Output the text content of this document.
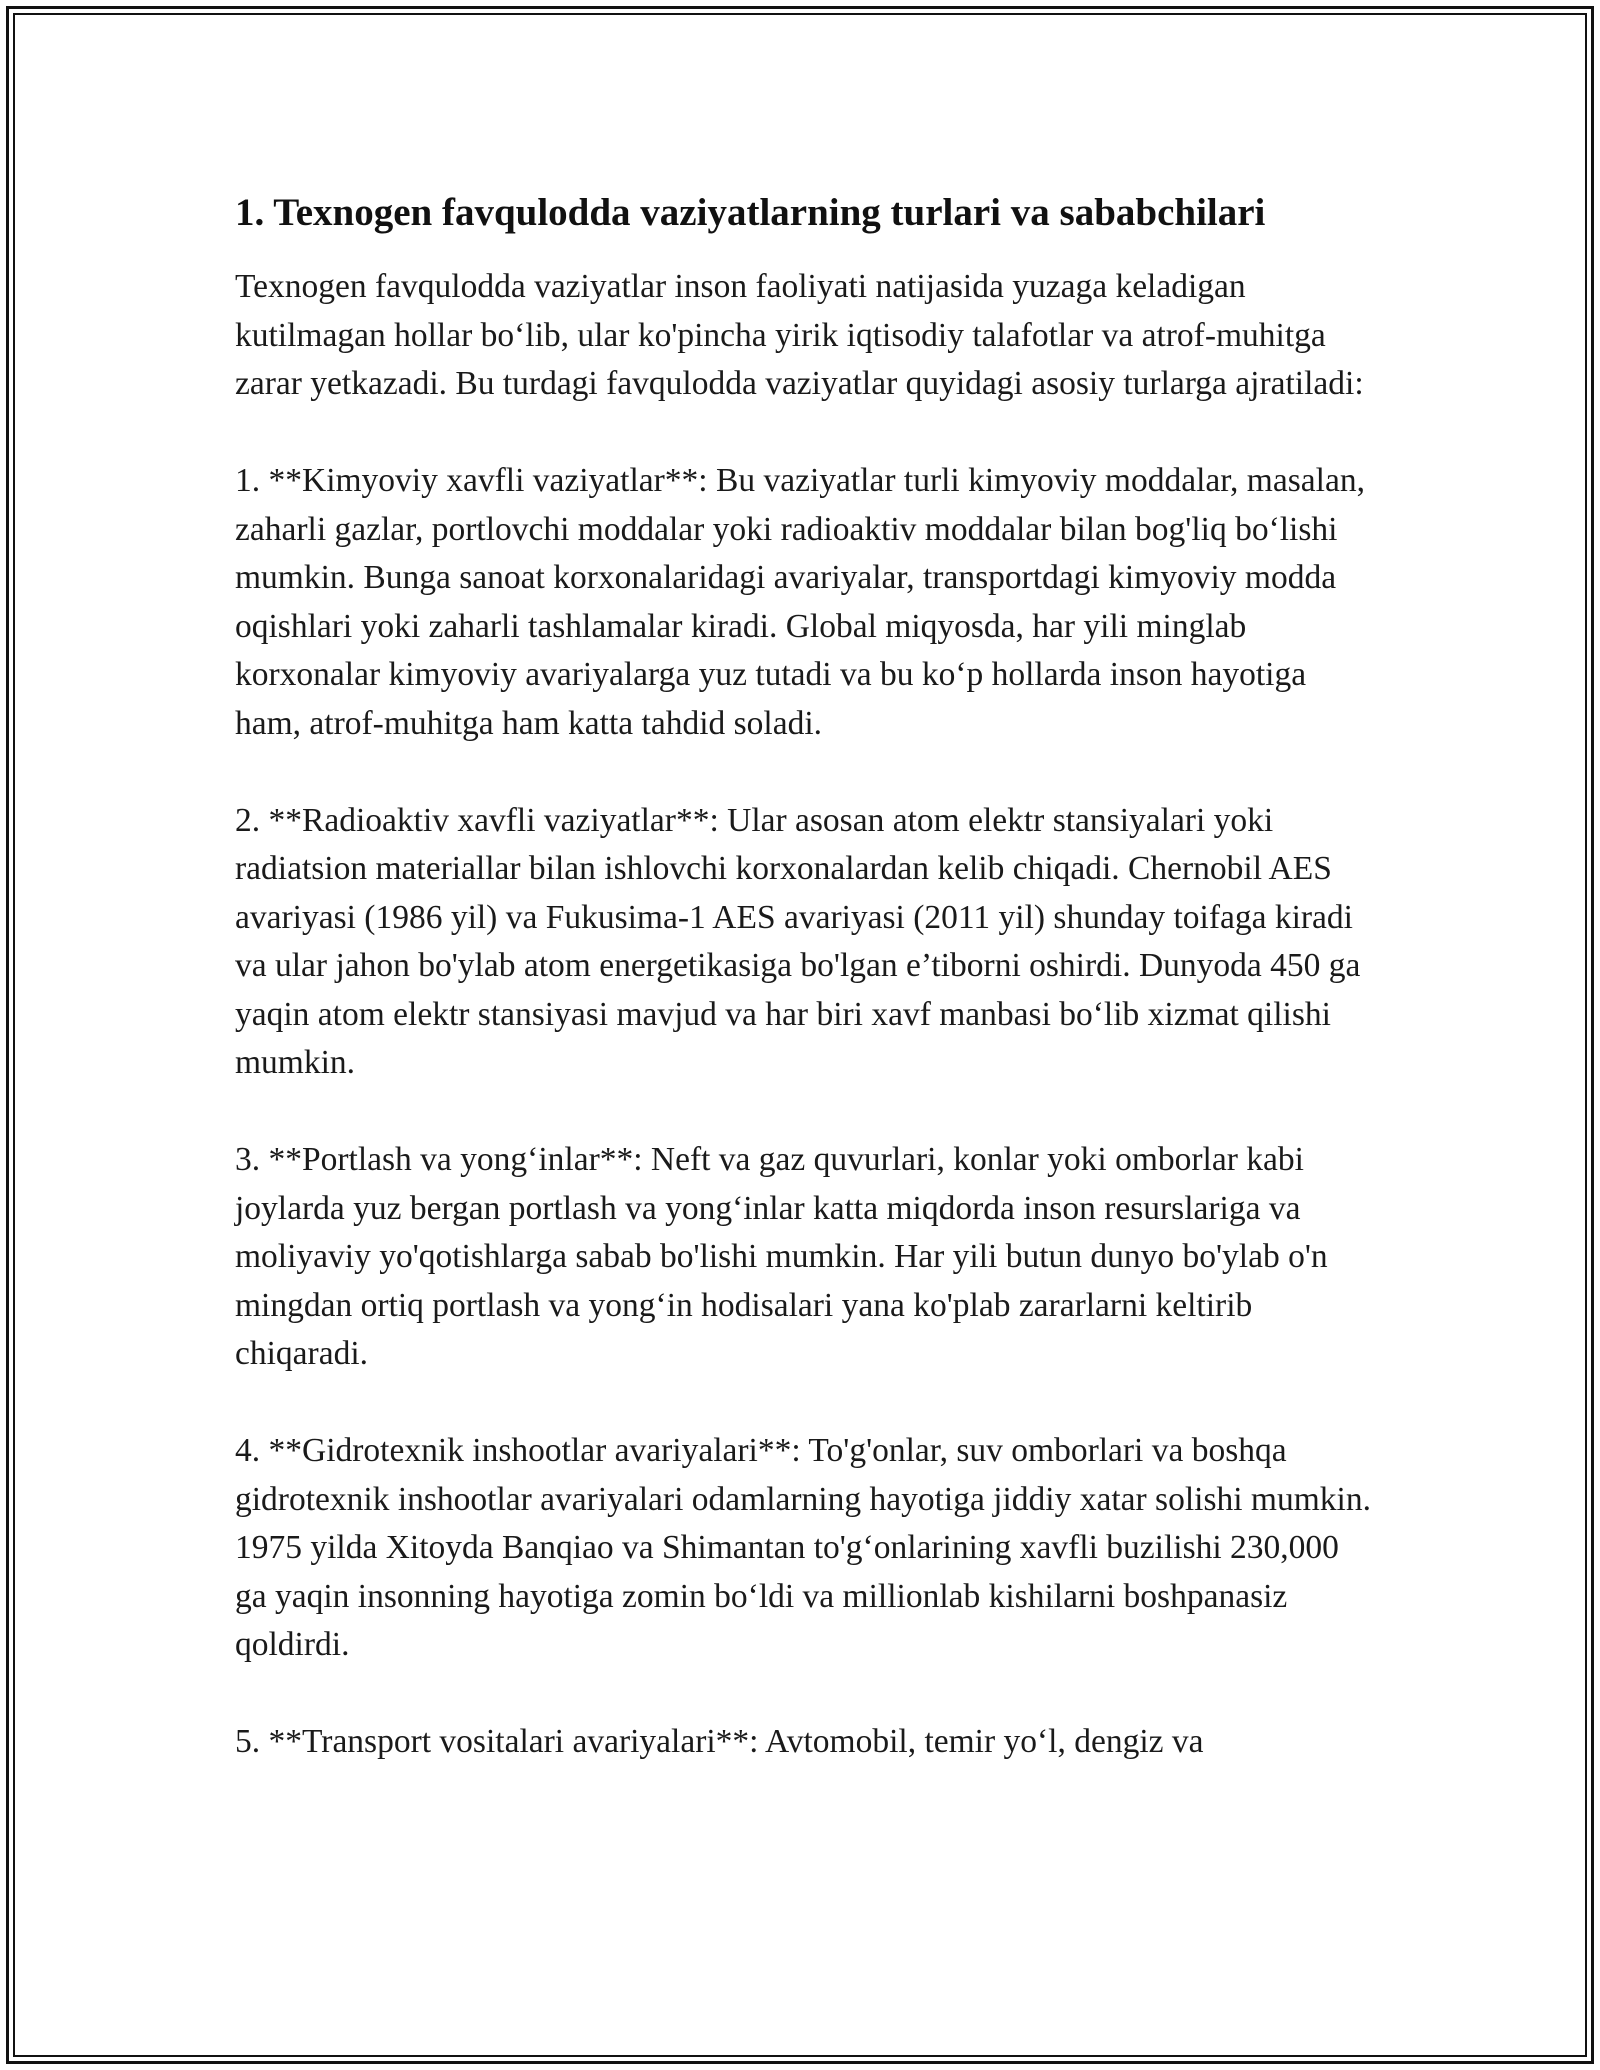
1. Texnogen favqulodda vaziyatlarning turlari va sababchilari

Texnogen favqulodda vaziyatlar inson faoliyati natijasida yuzaga keladigan kutilmagan hollar bo‘lib, ular ko'pincha yirik iqtisodiy talafotlar va atrof-muhitga zarar yetkazadi. Bu turdagi favqulodda vaziyatlar quyidagi asosiy turlarga ajratiladi:

1. **Kimyoviy xavfli vaziyatlar**: Bu vaziyatlar turli kimyoviy moddalar, masalan, zaharli gazlar, portlovchi moddalar yoki radioaktiv moddalar bilan bog'liq bo‘lishi mumkin. Bunga sanoat korxonalaridagi avariyalar, transportdagi kimyoviy modda oqishlari yoki zaharli tashlamalar kiradi. Global miqyosda, har yili minglab korxonalar kimyoviy avariyalarga yuz tutadi va bu ko‘p hollarda inson hayotiga ham, atrof-muhitga ham katta tahdid soladi.

2. **Radioaktiv xavfli vaziyatlar**: Ular asosan atom elektr stansiyalari yoki radiatsion materiallar bilan ishlovchi korxonalardan kelib chiqadi. Chernobil AES avariyasi (1986 yil) va Fukusima-1 AES avariyasi (2011 yil) shunday toifaga kiradi va ular jahon bo'ylab atom energetikasiga bo'lgan e’tiborni oshirdi. Dunyoda 450 ga yaqin atom elektr stansiyasi mavjud va har biri xavf manbasi bo‘lib xizmat qilishi mumkin.

3. **Portlash va yong‘inlar**: Neft va gaz quvurlari, konlar yoki omborlar kabi joylarda yuz bergan portlash va yong‘inlar katta miqdorda inson resurslariga va moliyaviy yo'qotishlarga sabab bo'lishi mumkin. Har yili butun dunyo bo'ylab o'n mingdan ortiq portlash va yong‘in hodisalari yana ko'plab zararlarni keltirib chiqaradi.

4. **Gidrotexnik inshootlar avariyalari**: To'g'onlar, suv omborlari va boshqa gidrotexnik inshootlar avariyalari odamlarning hayotiga jiddiy xatar solishi mumkin. 1975 yilda Xitoyda Banqiao va Shimantan to'g‘onlarining xavfli buzilishi 230,000 ga yaqin insonning hayotiga zomin bo‘ldi va millionlab kishilarni boshpanasiz qoldirdi.

5. **Transport vositalari avariyalari**: Avtomobil, temir yo‘l, dengiz va
